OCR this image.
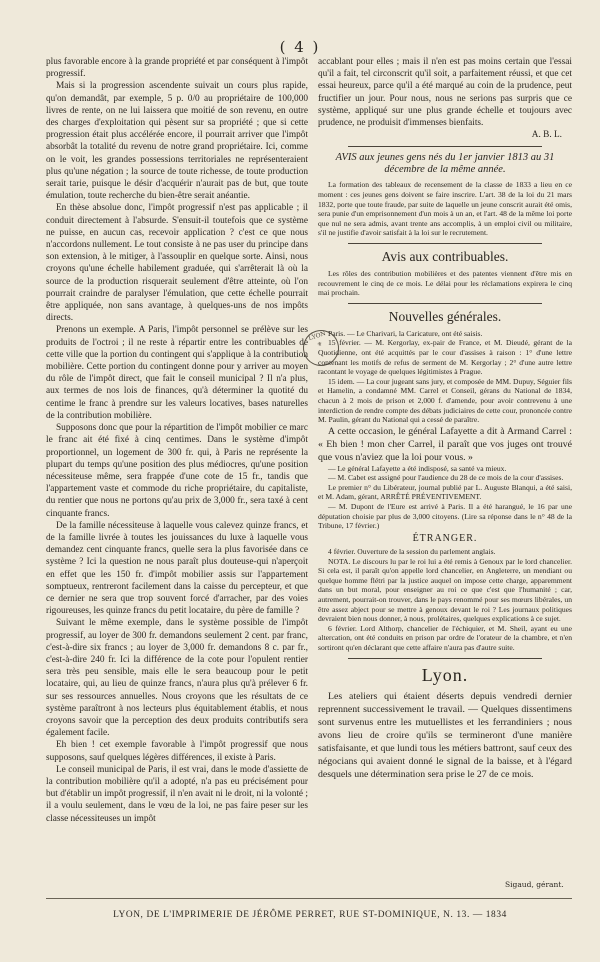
( 4 )

plus favorable encore à la grande propriété et par conséquent à l'impôt progressif.

Mais si la progression ascendente suivait un cours plus rapide, qu'on demandât, par exemple, 5 p. 0/0 au propriétaire de 100,000 livres de rente, on ne lui laissera que moitié de son revenu, en outre des charges d'exploitation qui pèsent sur sa propriété ; que si cette progression était plus accélérée encore, il pourrait arriver que l'impôt absorbât la totalité du revenu de notre grand propriétaire. Ici, comme on le voit, les grandes possessions territoriales ne représenteraient plus qu'une négation ; la source de toute richesse, de toute production serait tarie, puisque le désir d'acquérir n'aurait pas de but, que toute émulation, toute recherche du bien-être serait anéantie.

En thèse absolue donc, l'impôt progressif n'est pas applicable ; il conduit directement à l'absurde. S'ensuit-il toutefois que ce système ne puisse, en aucun cas, recevoir application ? c'est ce que nous n'accordons nullement. Le tout consiste à ne pas user du principe dans son extension, à le mitiger, à l'assouplir en quelque sorte. Ainsi, nous croyons qu'une échelle habilement graduée, qui s'arrêterait là où la source de la production risquerait seulement d'être atteinte, où l'on pourrait craindre de paralyser l'émulation, que cette échelle pourrait être appliquée, non sans avantage, à quelques-uns de nos impôts directs.

Prenons un exemple. A Paris, l'impôt personnel se prélève sur les produits de l'octroi ; il ne reste à répartir entre les contribuables de cette ville que la portion du contingent qui s'applique à la contribution mobilière. Cette portion du contingent donne pour y arriver au moyen du rôle de l'impôt direct, que fait le conseil municipal ? Il n'a plus, aux termes de nos lois de finances, qu'à déterminer la quotité du centime le franc à prendre sur les valeurs locatives, bases naturelles de la contribution mobilière.

Supposons donc que pour la répartition de l'impôt mobilier ce marc le franc ait été fixé à cinq centimes. Dans le système d'impôt proportionnel, un logement de 300 fr. qui, à Paris ne représente la plupart du temps qu'une position des plus médiocres, qu'une position nécessiteuse même, sera frappée d'une cote de 15 fr., tandis que l'appartement vaste et commode du riche propriétaire, du capitaliste, du rentier que nous ne portons qu'au prix de 3,000 fr., sera taxé à cent cinquante francs.

De la famille nécessiteuse à laquelle vous calevez quinze francs, et de la famille livrée à toutes les jouissances du luxe à laquelle vous demandez cent cinquante francs, quelle sera la plus favorisée dans ce système ? Ici la question ne nous paraît plus douteuse-qui n'aperçoit en effet que les 150 fr. d'impôt mobilier assis sur l'appartement somptueux, rentreront facilement dans la caisse du percepteur, et que ce dernier ne sera que trop souvent forcé d'arracher, par des voies rigoureuses, les quinze francs du petit locataire, du père de famille ?

Suivant le même exemple, dans le système possible de l'impôt progressif, au loyer de 300 fr. demandons seulement 2 cent. par franc, c'est-à-dire six francs ; au loyer de 3,000 fr. demandons 8 c. par fr., c'est-à-dire 240 fr. Ici la différence de la cote pour l'opulent rentier sera très peu sensible, mais elle le sera beaucoup pour le petit locataire, qui, au lieu de quinze francs, n'aura plus qu'à prélever 6 fr. sur ses ressources annuelles. Nous croyons que les résultats de ce système paraîtront à nos lecteurs plus équitablement établis, et nous croyons savoir que la perception des deux produits contributifs sera également facile.

Eh bien ! cet exemple favorable à l'impôt progressif que nous supposons, sauf quelques légères différences, il existe à Paris.

Le conseil municipal de Paris, il est vrai, dans le mode d'assiette de la contribution mobilière qu'il a adopté, n'a pas eu précisément pour but d'établir un impôt progressif, il n'en avait ni le droit, ni la volonté ; il a voulu seulement, dans le vœu de la loi, ne pas faire peser sur les classe nécessiteuses un impôt

LYON
⚜

accablant pour elles ; mais il n'en est pas moins certain que l'essai qu'il a fait, tel circonscrit qu'il soit, a parfaitement réussi, et que cet essai heureux, parce qu'il a été marqué au coin de la prudence, peut fructifier un jour. Pour nous, nous ne serions pas surpris que ce système, appliqué sur une plus grande échelle et toujours avec prudence, ne produisit d'immenses bienfaits.

A. B. L.
AVIS aux jeunes gens nés du 1er janvier 1813 au 31 décembre de la même année.

La formation des tableaux de recensement de la classe de 1833 a lieu en ce moment : ces jeunes gens doivent se faire inscrire. L'art. 38 de la loi du 21 mars 1832, porte que toute fraude, par suite de laquelle un jeune conscrit aurait été omis, sera punie d'un emprisonnement d'un mois à un an, et l'art. 48 de la même loi porte que nul ne sera admis, avant trente ans accomplis, à un emploi civil ou militaire, s'il ne justifie d'avoir satisfait à la loi sur le recrutement.

Avis aux contribuables.

Les rôles des contribution mobilières et des patentes viennent d'être mis en recouvrement le cinq de ce mois. Le délai pour les réclamations expirera le cinq mai prochain.

Nouvelles générales.

Paris. — Le Charivari, la Caricature, ont été saisis.

15 février. — M. Kergorlay, ex-pair de France, et M. Dieudé, gérant de la Quotidienne, ont été acquittés par le cour d'assises à raison : 1° d'une lettre contenant les motifs de refus de serment de M. Kergorlay ; 2° d'une autre lettre racontant le voyage de quelques légitimistes à Prague.

15 idem. — La cour jugeant sans jury, et composée de MM. Dupuy, Séguier fils et Hamelin, a condamné MM. Carrel et Conseil, gérans du National de 1834, chacun à 2 mois de prison et 2,000 f. d'amende, pour avoir contrevenu à une interdiction de rendre compte des débats judiciaires de cette cour, prononcée contre M. Paulin, gérant du National qui a cessé de paraître.

A cette occasion, le général Lafayette a dit à Armand Carrel : « Eh bien ! mon cher Carrel, il paraît que vos juges ont trouvé que vous n'aviez que la loi pour vous. »

— Le général Lafayette a été indisposé, sa santé va mieux.

— M. Cabet est assigné pour l'audience du 28 de ce mois de la cour d'assises.

Le premier n° du Libérateur, journal publié par L. Auguste Blanqui, a été saisi, et M. Adam, gérant, ARRÊTÉ PRÉVENTIVEMENT.

— M. Dupont de l'Eure est arrivé à Paris. Il a été harangué, le 16 par une députation choisie par plus de 3,000 citoyens. (Lire sa réponse dans le n° 48 de la Tribune, 17 février.)

ÉTRANGER.

4 février. Ouverture de la session du parlement anglais.

NOTA. Le discours lu par le roi lui a été remis à Genoux par le lord chancelier. Si cela est, il paraît qu'on appelle lord chancelier, en Angleterre, un mendiant ou quelque homme flétri par la justice auquel on impose cette charge, apparemment dans un but moral, pour enseigner au roi ce que c'est que l'humanité ; car, autrement, pourrait-on trouver, dans le pays renommé pour ses mœurs libérales, un être assez abject pour se mettre à genoux devant le roi ? Les journaux politiques devraient bien nous donner, à nous, prolétaires, quelques explications à ce sujet.

6 février. Lord Althorp, chancelier de l'échiquier, et M. Sheil, ayant eu une altercation, ont été conduits en prison par ordre de l'orateur de la chambre, et n'en sortiront qu'en déclarant que cette affaire n'aura pas d'autre suite.

Lyon.

Les ateliers qui étaient déserts depuis vendredi dernier reprennent successivement le travail. — Quelques dissentimens sont survenus entre les mutuellistes et les ferrandiniers ; nous avons lieu de croire qu'ils se termineront d'une manière satisfaisante, et que lundi tous les métiers battront, sauf ceux des négocians qui avaient donné le signal de la baisse, et à l'égard desquels une détermination sera prise le 27 de ce mois.

Sigaud, gérant.
LYON, DE L'IMPRIMERIE DE JÉRÔME PERRET, RUE ST-DOMINIQUE, N. 13. — 1834
